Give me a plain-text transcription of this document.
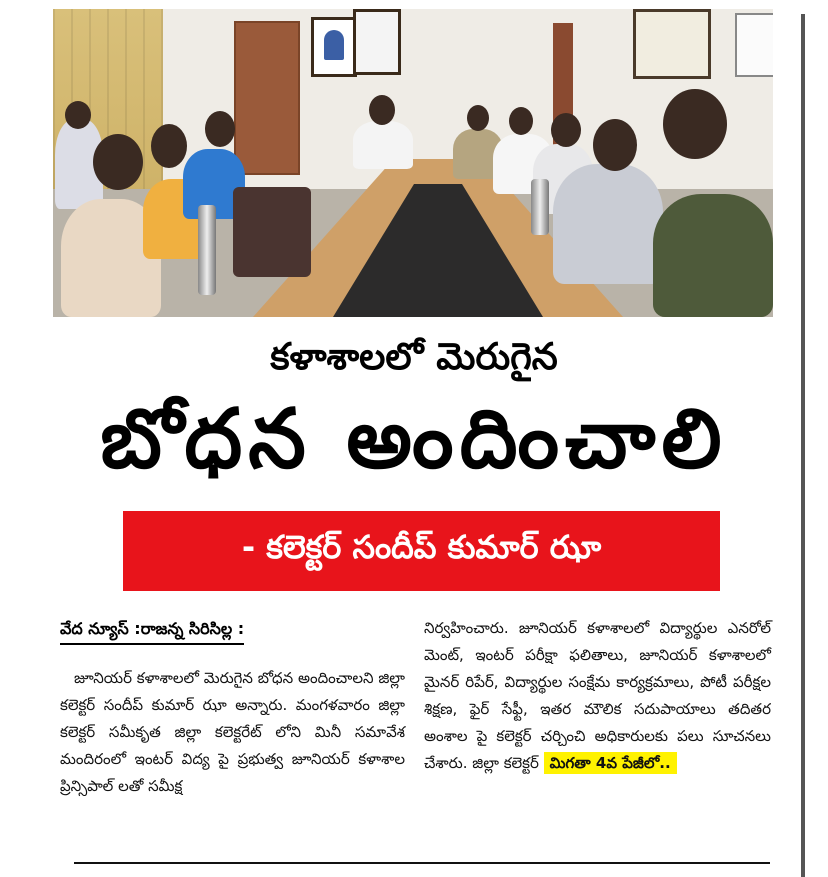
కళాశాలలో మెరుగైన
బోధన అందించాలి
- కలెక్టర్ సందీప్ కుమార్ ఝా
వేద న్యూస్ :రాజన్న సిరిసిల్ల :
జూనియర్ కళాశాలలో మెరుగైన బోధన అందించాలని జిల్లా కలెక్టర్ సందీప్ కుమార్ ఝా అన్నారు. మంగళవారం జిల్లా కలెక్టర్ సమీకృత జిల్లా కలెక్టరేట్ లోని మినీ సమావేశ మందిరంలో ఇంటర్ విద్య పై ప్రభుత్వ జూనియర్ కళాశాల ప్రిన్సిపాల్ లతో సమీక్ష
నిర్వహించారు. జూనియర్ కళాశాలలో విద్యార్థుల ఎనరోల్ మెంట్, ఇంటర్ పరీక్షా ఫలితాలు, జూనియర్ కళాశాలలో మైనర్ రిపేర్, విద్యార్థుల సంక్షేమ కార్యక్రమాలు, పోటీ పరీక్షల శిక్షణ, ఫైర్ సేఫ్టీ, ఇతర మౌలిక సదుపాయాలు తదితర అంశాల పై కలెక్టర్ చర్చించి అధికారులకు పలు సూచనలు చేశారు. జిల్లా కలెక్టర్ మిగతా 4వ పేజీలో..
